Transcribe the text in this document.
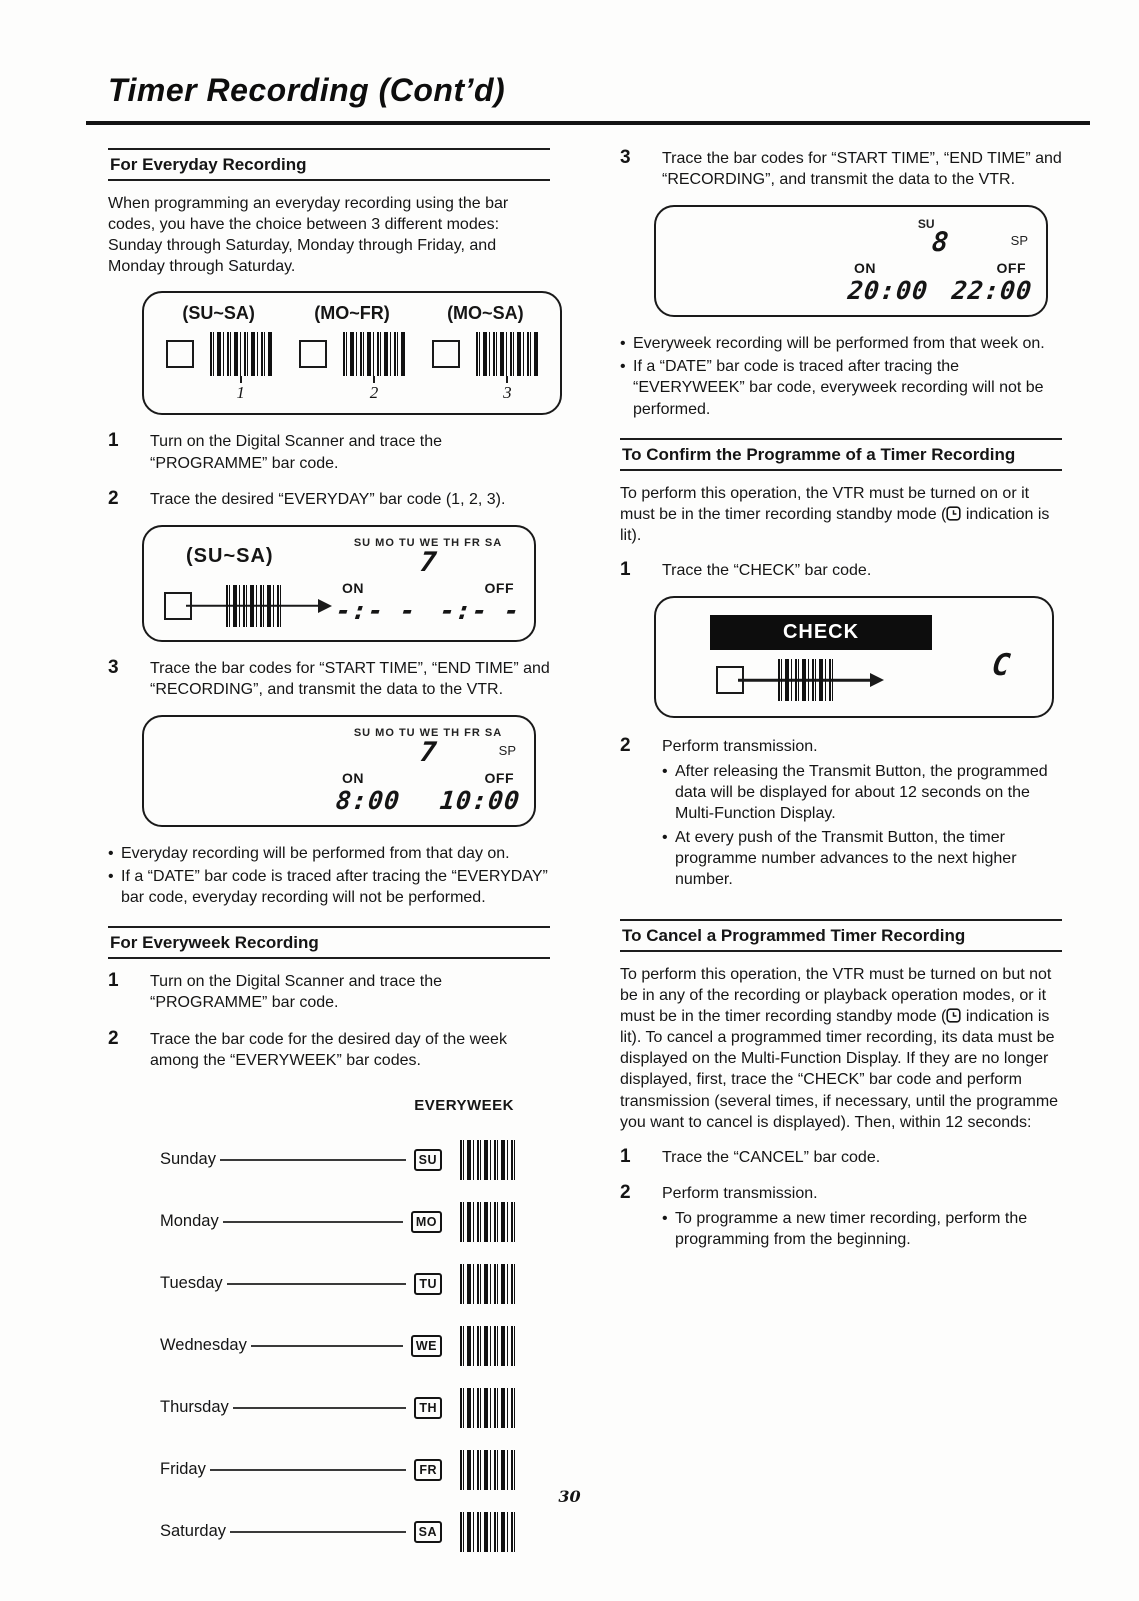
Timer Recording (Cont’d)
For Everyday Recording

When programming an everyday recording using the bar codes, you have the choice between 3 different modes: Sunday through Saturday, Monday through Friday, and Monday through Saturday.

(SU~SA)
1
(MO~FR)
2
(MO~SA)
3
1	Turn on the Digital Scanner and trace the “PROGRAMME” bar code.
2	Trace the desired “EVERYDAY” bar code (1, 2, 3).
(SU~SA)
SU MO TU WE TH FR SA
7
ON	OFF
-:- - -:- -
3	Trace the bar codes for “START TIME”, “END TIME” and “RECORDING”, and transmit the data to the VTR.
SU MO TU WE TH FR SA
7	SP
ON	OFF
8:00 10:00
• Everyday recording will be performed from that day on.
• If a “DATE” bar code is traced after tracing the “EVERYDAY” bar code, everyday recording will not be performed.
For Everyweek Recording
1	Turn on the Digital Scanner and trace the “PROGRAMME” bar code.
2	Trace the bar code for the desired day of the week among the “EVERYWEEK” bar codes.
EVERYWEEK
Sunday	SU
Monday	MO
Tuesday	TU
Wednesday	WE
Thursday	TH
Friday	FR
Saturday	SA
3	Trace the bar codes for “START TIME”, “END TIME” and “RECORDING”, and transmit the data to the VTR.
SU

8	SP
ON	OFF
20:00 22:00
• Everyweek recording will be performed from that week on.
• If a “DATE” bar code is traced after tracing the “EVERYWEEK” bar code, everyweek recording will not be performed.
To Confirm the Programme of a Timer Recording

To perform this operation, the VTR must be turned on or it must be in the timer recording standby mode ( indication is lit).

1	Trace the “CHECK” bar code.
CHECK
C
2	Perform transmission.
• After releasing the Transmit Button, the programmed data will be displayed for about 12 seconds on the Multi-Function Display.
• At every push of the Transmit Button, the timer programme number advances to the next higher number.
To Cancel a Programmed Timer Recording

To perform this operation, the VTR must be turned on but not be in any of the recording or playback operation modes, or it must be in the timer recording standby mode ( indication is lit). To cancel a programmed timer recording, its data must be displayed on the Multi-Function Display. If they are no longer displayed, first, trace the “CHECK” bar code and perform transmission (several times, if necessary, until the programme you want to cancel is displayed). Then, within 12 seconds:

1	Trace the “CANCEL” bar code.
2	Perform transmission.
• To programme a new timer recording, perform the programming from the beginning.
30
